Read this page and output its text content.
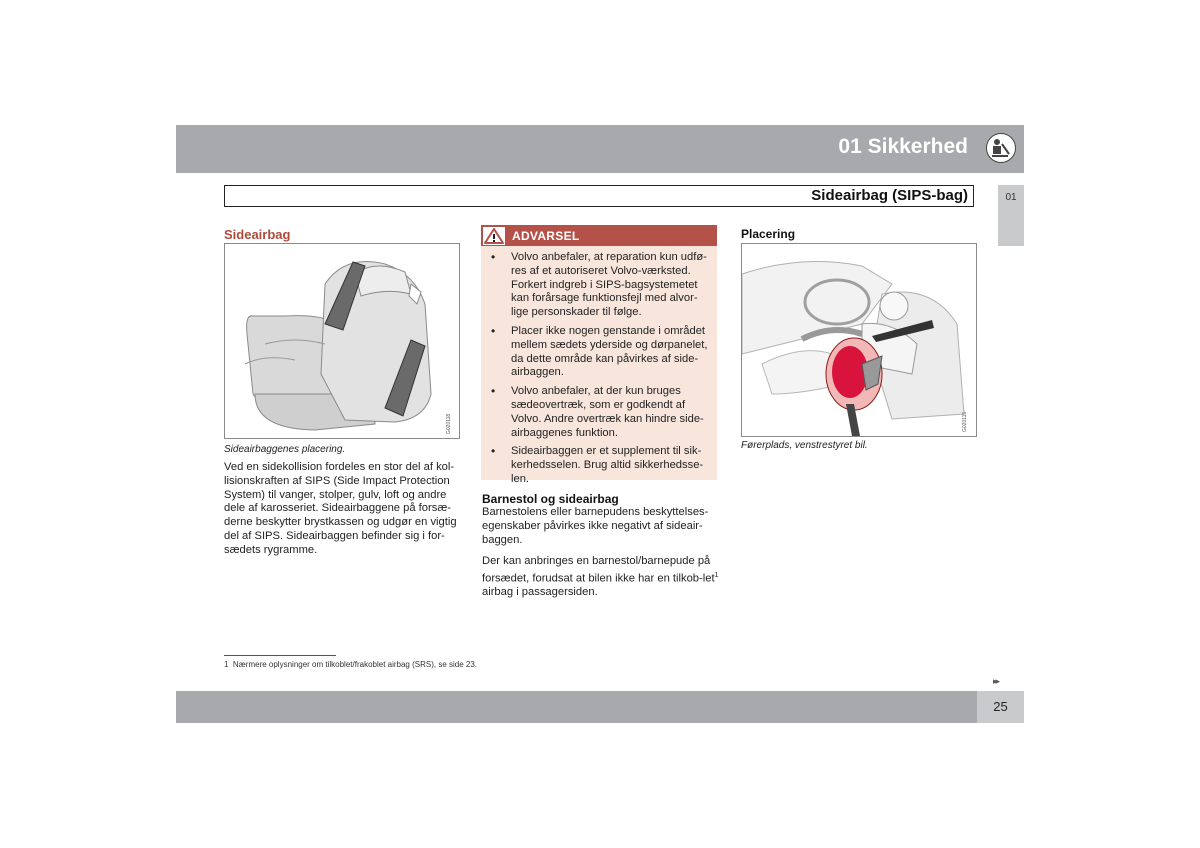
01 Sikkerhed
Sideairbag (SIPS-bag)	01
Sideairbag
G020118
Sideairbaggenes placering.
Ved en sidekollision fordeles en stor del af kol-lisionskraften af SIPS (Side Impact Protection System) til vanger, stolper, gulv, loft og andre dele af karosseriet. Sideairbaggene på forsæ-derne beskytter brystkassen og udgør en vigtig del af SIPS. Sideairbaggen befinder sig i for-sædets rygramme.
ADVARSEL
• Volvo anbefaler, at reparation kun udfø-res af et autoriseret Volvo-værksted. Forkert indgreb i SIPS-bagsystemetet kan forårsage funktionsfejl med alvor-lige personskader til følge.
• Placer ikke nogen genstande i området mellem sædets yderside og dørpanelet, da dette område kan påvirkes af side-airbaggen.
• Volvo anbefaler, at der kun bruges sædeovertræk, som er godkendt af Volvo. Andre overtræk kan hindre side-airbaggenes funktion.
• Sideairbaggen er et supplement til sik-kerhedsselen. Brug altid sikkerhedsse-len.
Barnestol og sideairbag
Barnestolens eller barnepudens beskyttelses-egenskaber påvirkes ikke negativt af sideair-baggen.
Der kan anbringes en barnestol/barnepude på forsædet, forudsat at bilen ikke har en tilkob-let$^1$ airbag i passagersiden.
Placering
G020115
Førerplads, venstrestyret bil.
1 Nærmere oplysninger om tilkoblet/frakoblet airbag (SRS), se side 23.
▸▸
25
